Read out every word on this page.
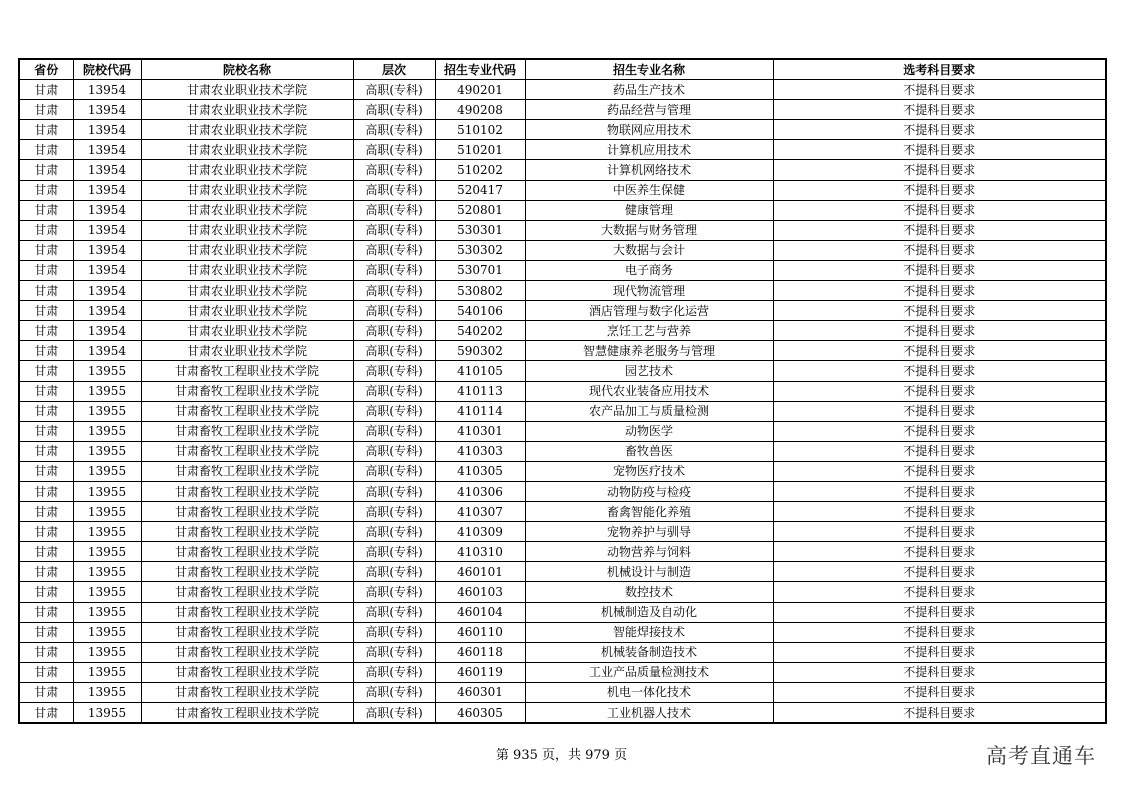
省份	院校代码	院校名称	层次	招生专业代码	招生专业名称	选考科目要求
甘肃	13954	甘肃农业职业技术学院	高职(专科)	490201	药品生产技术	不提科目要求
甘肃	13954	甘肃农业职业技术学院	高职(专科)	490208	药品经营与管理	不提科目要求
甘肃	13954	甘肃农业职业技术学院	高职(专科)	510102	物联网应用技术	不提科目要求
甘肃	13954	甘肃农业职业技术学院	高职(专科)	510201	计算机应用技术	不提科目要求
甘肃	13954	甘肃农业职业技术学院	高职(专科)	510202	计算机网络技术	不提科目要求
甘肃	13954	甘肃农业职业技术学院	高职(专科)	520417	中医养生保健	不提科目要求
甘肃	13954	甘肃农业职业技术学院	高职(专科)	520801	健康管理	不提科目要求
甘肃	13954	甘肃农业职业技术学院	高职(专科)	530301	大数据与财务管理	不提科目要求
甘肃	13954	甘肃农业职业技术学院	高职(专科)	530302	大数据与会计	不提科目要求
甘肃	13954	甘肃农业职业技术学院	高职(专科)	530701	电子商务	不提科目要求
甘肃	13954	甘肃农业职业技术学院	高职(专科)	530802	现代物流管理	不提科目要求
甘肃	13954	甘肃农业职业技术学院	高职(专科)	540106	酒店管理与数字化运营	不提科目要求
甘肃	13954	甘肃农业职业技术学院	高职(专科)	540202	烹饪工艺与营养	不提科目要求
甘肃	13954	甘肃农业职业技术学院	高职(专科)	590302	智慧健康养老服务与管理	不提科目要求
甘肃	13955	甘肃畜牧工程职业技术学院	高职(专科)	410105	园艺技术	不提科目要求
甘肃	13955	甘肃畜牧工程职业技术学院	高职(专科)	410113	现代农业装备应用技术	不提科目要求
甘肃	13955	甘肃畜牧工程职业技术学院	高职(专科)	410114	农产品加工与质量检测	不提科目要求
甘肃	13955	甘肃畜牧工程职业技术学院	高职(专科)	410301	动物医学	不提科目要求
甘肃	13955	甘肃畜牧工程职业技术学院	高职(专科)	410303	畜牧兽医	不提科目要求
甘肃	13955	甘肃畜牧工程职业技术学院	高职(专科)	410305	宠物医疗技术	不提科目要求
甘肃	13955	甘肃畜牧工程职业技术学院	高职(专科)	410306	动物防疫与检疫	不提科目要求
甘肃	13955	甘肃畜牧工程职业技术学院	高职(专科)	410307	畜禽智能化养殖	不提科目要求
甘肃	13955	甘肃畜牧工程职业技术学院	高职(专科)	410309	宠物养护与驯导	不提科目要求
甘肃	13955	甘肃畜牧工程职业技术学院	高职(专科)	410310	动物营养与饲料	不提科目要求
甘肃	13955	甘肃畜牧工程职业技术学院	高职(专科)	460101	机械设计与制造	不提科目要求
甘肃	13955	甘肃畜牧工程职业技术学院	高职(专科)	460103	数控技术	不提科目要求
甘肃	13955	甘肃畜牧工程职业技术学院	高职(专科)	460104	机械制造及自动化	不提科目要求
甘肃	13955	甘肃畜牧工程职业技术学院	高职(专科)	460110	智能焊接技术	不提科目要求
甘肃	13955	甘肃畜牧工程职业技术学院	高职(专科)	460118	机械装备制造技术	不提科目要求
甘肃	13955	甘肃畜牧工程职业技术学院	高职(专科)	460119	工业产品质量检测技术	不提科目要求
甘肃	13955	甘肃畜牧工程职业技术学院	高职(专科)	460301	机电一体化技术	不提科目要求
甘肃	13955	甘肃畜牧工程职业技术学院	高职(专科)	460305	工业机器人技术	不提科目要求
第 935 页，共 979 页	高考直通车
